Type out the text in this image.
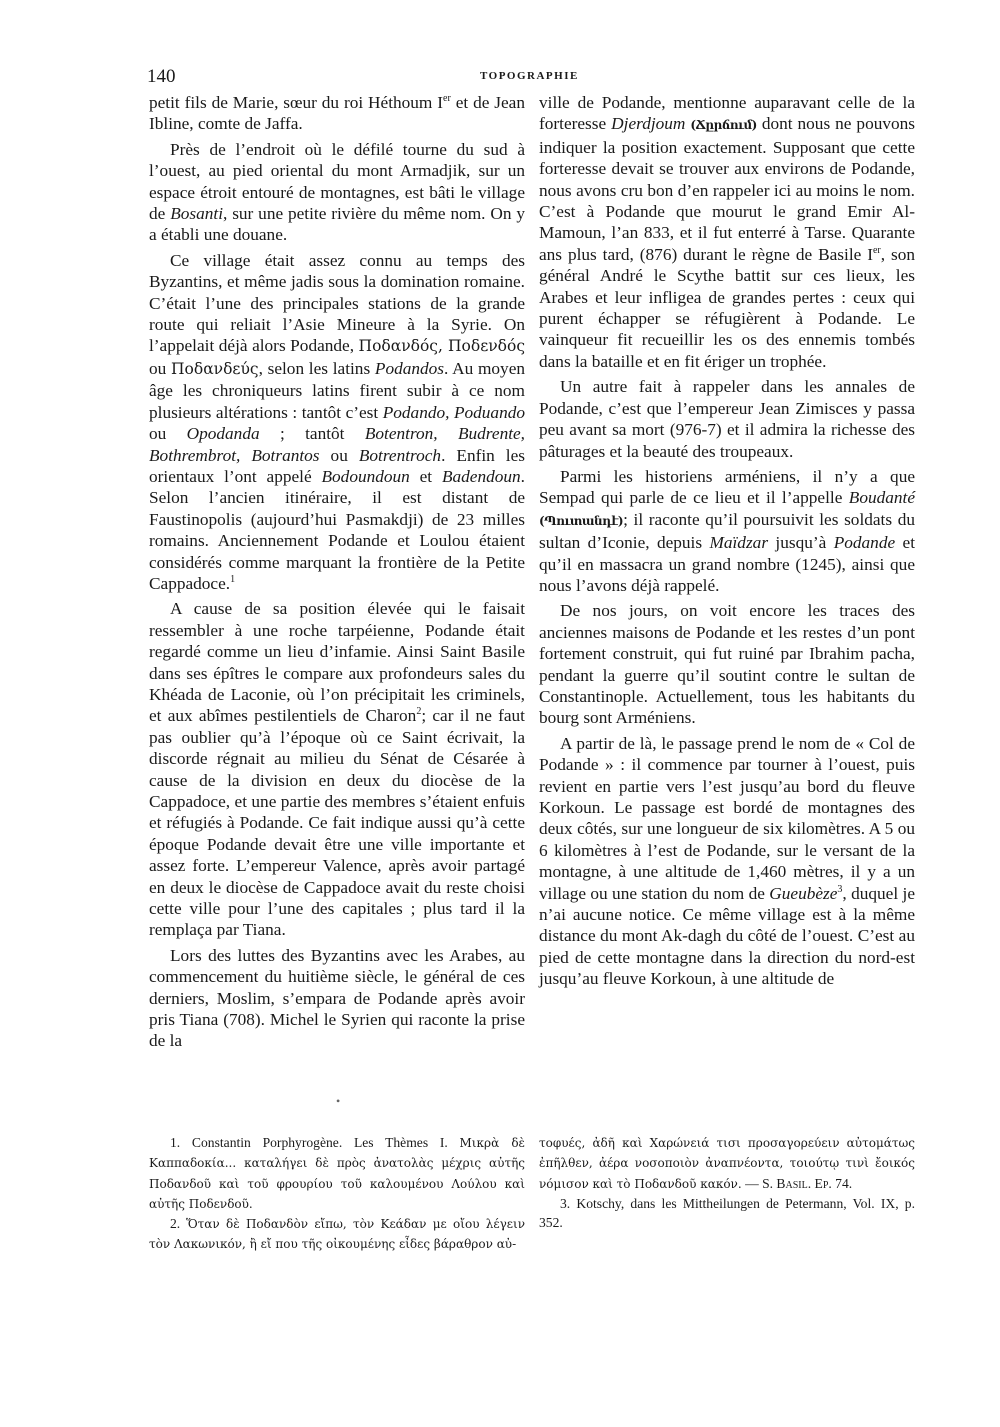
140	TOPOGRAPHIE

petit fils de Marie, sœur du roi Héthoum Ier et de Jean Ibline, comte de Jaffa.

Près de l’endroit où le défilé tourne du sud à l’ouest, au pied oriental du mont Armadjik, sur un espace étroit entouré de montagnes, est bâti le village de Bosanti, sur une petite rivière du même nom. On y a établi une douane.

Ce village était assez connu au temps des Byzantins, et même jadis sous la domination romaine. C’était l’une des principales stations de la grande route qui reliait l’Asie Mineure à la Syrie. On l’appelait déjà alors Podande, Ποδανδός, Ποδενδός ou Ποδανδεύς, selon les latins Podandos. Au moyen âge les chroniqueurs latins firent subir à ce nom plusieurs altérations : tantôt c’est Podando, Poduando ou Opodanda ; tantôt Botentron, Budrente, Bothrembrot, Botrantos ou Botrentroch. Enfin les orientaux l’ont appelé Bodoundoun et Badendoun. Selon l’ancien itinéraire, il est distant de Faustinopolis (aujourd’hui Pasmakdji) de 23 milles romains. Anciennement Podande et Loulou étaient considérés comme marquant la frontière de la Petite Cappadoce.$^1$

A cause de sa position élevée qui le faisait ressembler à une roche tarpéienne, Podande était regardé comme un lieu d’infamie. Ainsi Saint Basile dans ses épîtres le compare aux profondeurs sales du Khéada de Laconie, où l’on précipitait les criminels, et aux abîmes pestilentiels de Charon$^2$; car il ne faut pas oublier qu’à l’époque où ce Saint écrivait, la discorde régnait au milieu du Sénat de Césarée à cause de la division en deux du diocèse de la Cappadoce, et une partie des membres s’étaient enfuis et réfugiés à Podande. Ce fait indique aussi qu’à cette époque Podande devait être une ville importante et assez forte. L’empereur Valence, après avoir partagé en deux le diocèse de Cappadoce avait du reste choisi cette ville pour l’une des capitales ; plus tard il la remplaça par Tiana.

Lors des luttes des Byzantins avec les Arabes, au commencement du huitième siècle, le général de ces derniers, Moslim, s’empara de Podande après avoir pris Tiana (708). Michel le Syrien qui raconte la prise de la

ville de Podande, mentionne auparavant celle de la forteresse Djerdjoum (Ճըրճում) dont nous ne pouvons indiquer la position exactement. Supposant que cette forteresse devait se trouver aux environs de Podande, nous avons cru bon d’en rappeler ici au moins le nom. C’est à Podande que mourut le grand Emir Al-Mamoun, l’an 833, et il fut enterré à Tarse. Quarante ans plus tard, (876) durant le règne de Basile Ier, son général André le Scythe battit sur ces lieux, les Arabes et leur infligea de grandes pertes : ceux qui purent échapper se réfugièrent à Podande. Le vainqueur fit recueillir les os des ennemis tombés dans la bataille et en fit ériger un trophée.

Un autre fait à rappeler dans les annales de Podande, c’est que l’empereur Jean Zimisces y passa peu avant sa mort (976-7) et il admira la richesse des pâturages et la beauté des troupeaux.

Parmi les historiens arméniens, il n’y a que Sempad qui parle de ce lieu et il l’appelle Boudanté (Պուտանդէ); il raconte qu’il poursuivit les soldats du sultan d’Iconie, depuis Maïdzar jusqu’à Podande et qu’il en massacra un grand nombre (1245), ainsi que nous l’avons déjà rappelé.

De nos jours, on voit encore les traces des anciennes maisons de Podande et les restes d’un pont fortement construit, qui fut ruiné par Ibrahim pacha, pendant la guerre qu’il soutint contre le sultan de Constantinople. Actuellement, tous les habitants du bourg sont Arméniens.

A partir de là, le passage prend le nom de « Col de Podande » : il commence par tourner à l’ouest, puis revient en partie vers l’est jusqu’au bord du fleuve Korkoun. Le passage est bordé de montagnes des deux côtés, sur une longueur de six kilomètres. A 5 ou 6 kilomètres à l’est de Podande, sur le versant de la montagne, à une altitude de 1,460 mètres, il y a un village ou une station du nom de Gueubèze$^3$, duquel je n’ai aucune notice. Ce même village est à la même distance du mont Ak-dagh du côté de l’ouest. C’est au pied de cette montagne dans la direction du nord-est jusqu’au fleuve Korkoun, à une altitude de

•

1. Constantin Porphyrogène. Les Thèmes I. Μικρὰ δὲ Καππαδοκία... καταλήγει δὲ πρὸς ἀνατολὰς μέχρις αὐτῆς Ποδανδοῦ καὶ τοῦ φρουρίου τοῦ καλουμένου Λούλου καὶ αὐτῆς Ποδενδοῦ.

2. Ὅταν δὲ Ποδανδὸν εἴπω, τὸν Κεάδαν με οἴου λέγειν τὸν Λακωνικόν, ἢ εἴ που τῆς οἰκουμένης εἶδες βάραθρον αὐ-

τοφυές, ἀδῆ καὶ Χαρώνειά τισι προσαγορεύειν αὐτομάτως ἐπῆλθεν, ἀέρα νοσοποιὸν ἀναπνέοντα, τοιούτῳ τινὶ ἔοικός νόμισον καὶ τὸ Ποδανδοῦ κακόν. — S. Basil. Ep. 74.

3. Kotschy, dans les Mittheilungen de Petermann, Vol. IX, p. 352.
